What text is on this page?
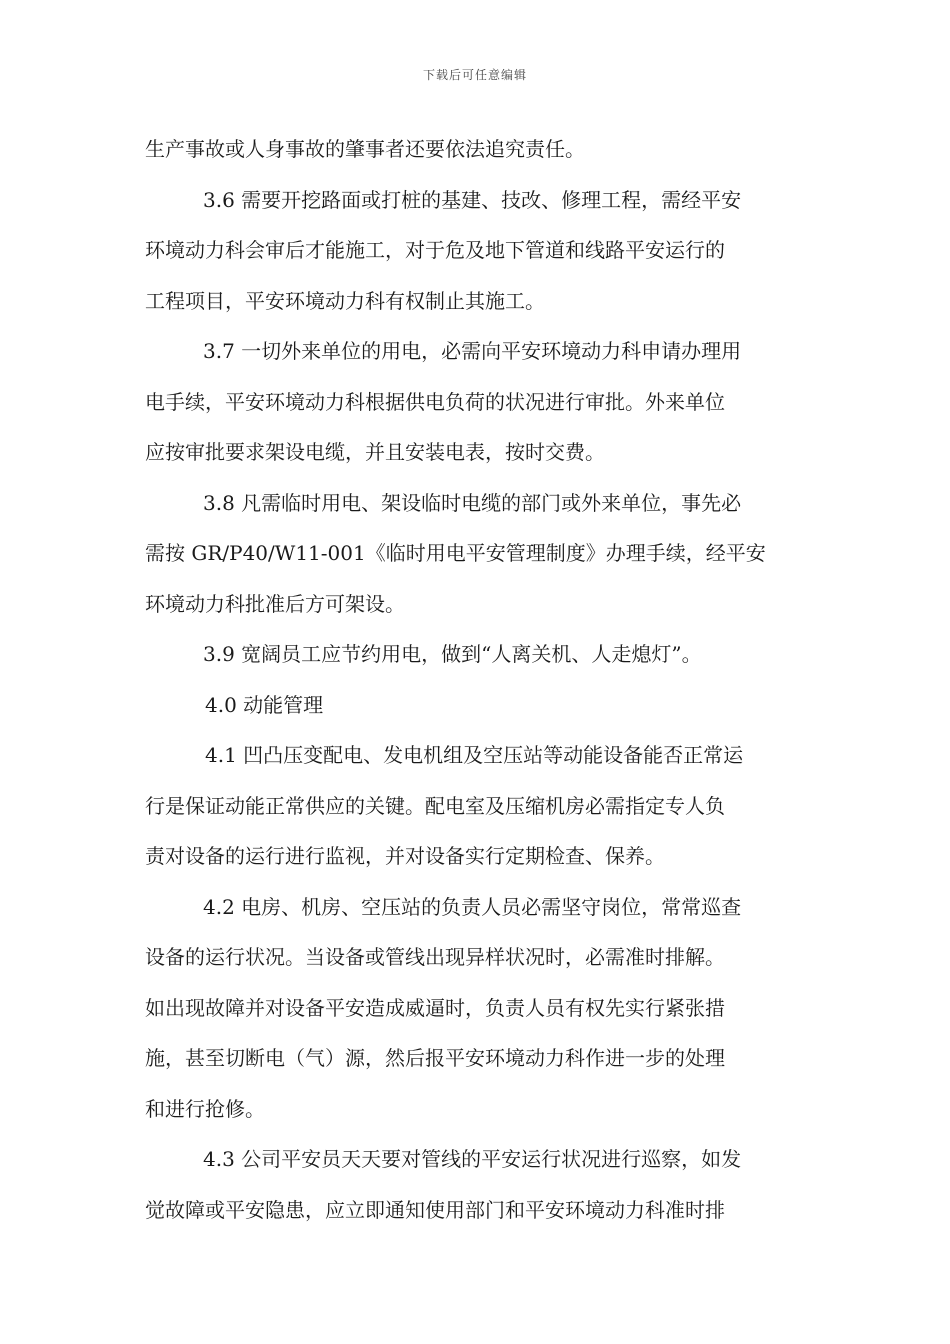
下载后可任意编辑
生产事故或人身事故的肇事者还要依法追究责任。
3.6 需要开挖路面或打桩的基建、技改、修理工程，需经平安
环境动力科会审后才能施工，对于危及地下管道和线路平安运行的
工程项目，平安环境动力科有权制止其施工。
3.7 一切外来单位的用电，必需向平安环境动力科申请办理用
电手续，平安环境动力科根据供电负荷的状况进行审批。外来单位
应按审批要求架设电缆，并且安装电表，按时交费。
3.8 凡需临时用电、架设临时电缆的部门或外来单位，事先必
需按 GR/P40/W11-001《临时用电平安管理制度》办理手续，经平安
环境动力科批准后方可架设。
3.9 宽阔员工应节约用电，做到“人离关机、人走熄灯”。
4.0 动能管理
4.1 凹凸压变配电、发电机组及空压站等动能设备能否正常运
行是保证动能正常供应的关键。配电室及压缩机房必需指定专人负
责对设备的运行进行监视，并对设备实行定期检查、保养。
4.2 电房、机房、空压站的负责人员必需坚守岗位，常常巡查
设备的运行状况。当设备或管线出现异样状况时，必需准时排解。
如出现故障并对设备平安造成威逼时，负责人员有权先实行紧张措
施，甚至切断电（气）源，然后报平安环境动力科作进一步的处理
和进行抢修。
4.3 公司平安员天天要对管线的平安运行状况进行巡察，如发
觉故障或平安隐患，应立即通知使用部门和平安环境动力科准时排
